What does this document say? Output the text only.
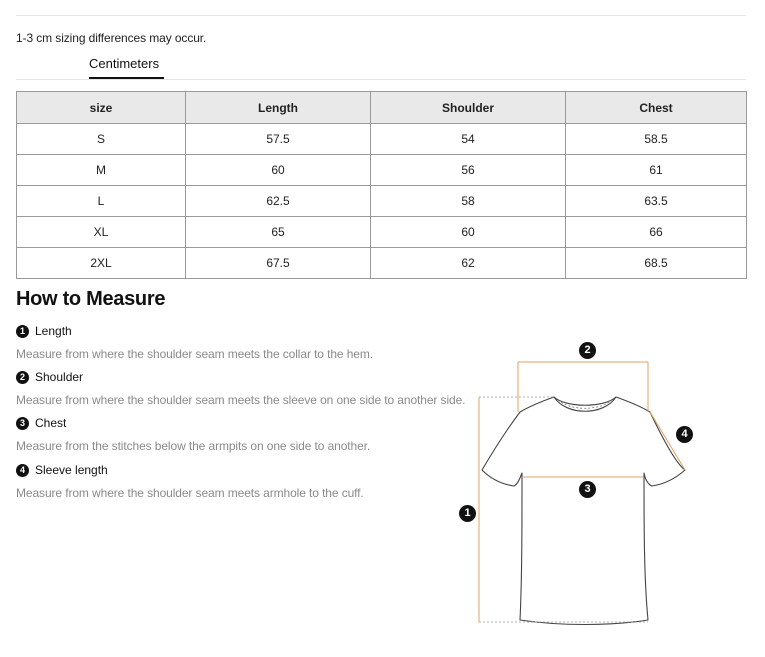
1-3 cm sizing differences may occur.
Centimeters
size	Length	Shoulder	Chest
S	57.5	54	58.5
M	60	56	61
L	62.5	58	63.5
XL	65	60	66
2XL	67.5	62	68.5
How to Measure
1 Length
Measure from where the shoulder seam meets the collar to the hem.
2 Shoulder
Measure from where the shoulder seam meets the sleeve on one side to another side.
3 Chest
Measure from the stitches below the armpits on one side to another.
4 Sleeve length
Measure from where the shoulder seam meets armhole to the cuff.
2
4
3
1
